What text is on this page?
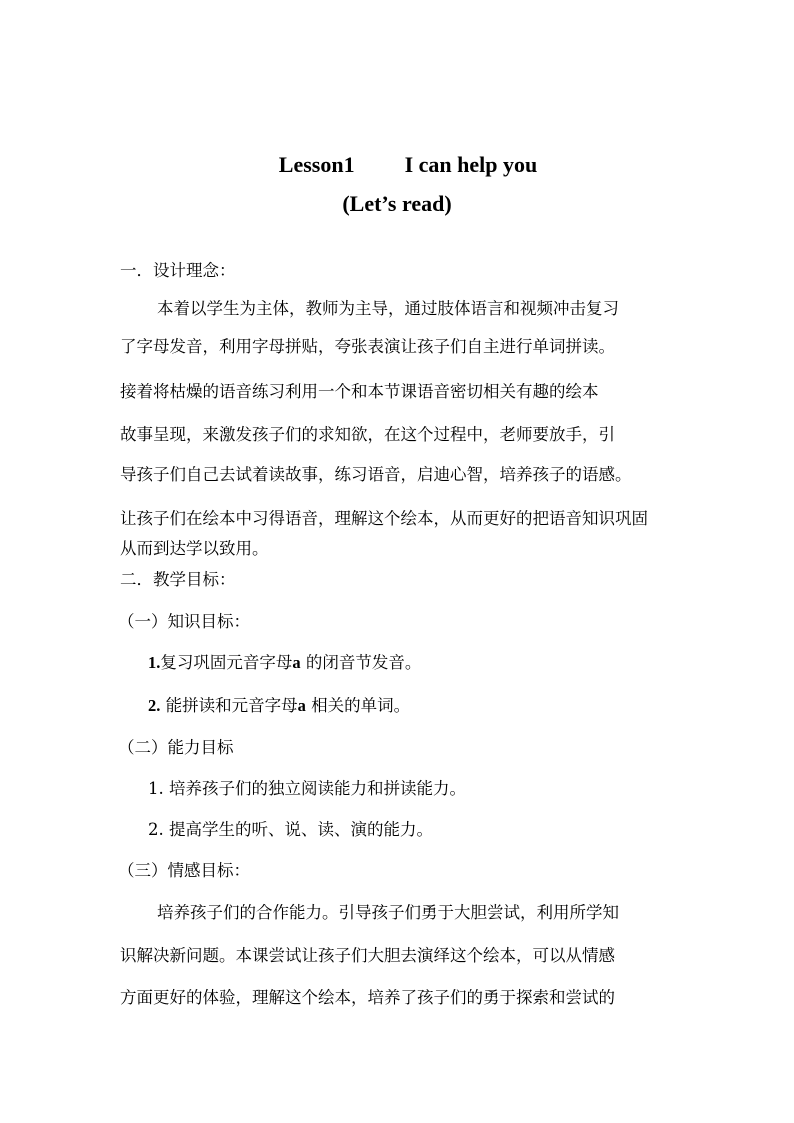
Lesson1 I can help you

(Let’s read)
一．设计理念：
本着以学生为主体，教师为主导，通过肢体语言和视频冲击复习
了字母发音，利用字母拼贴，夸张表演让孩子们自主进行单词拼读。
接着将枯燥的语音练习利用一个和本节课语音密切相关有趣的绘本
故事呈现，来激发孩子们的求知欲，在这个过程中，老师要放手，引
导孩子们自己去试着读故事，练习语音，启迪心智，培养孩子的语感。
让孩子们在绘本中习得语音，理解这个绘本，从而更好的把语音知识巩固
从而到达学以致用。
二．教学目标：
（一）知识目标：
1.复习巩固元音字母a 的闭音节发音。
2. 能拼读和元音字母a 相关的单词。
（二）能力目标
1. 培养孩子们的独立阅读能力和拼读能力。
2. 提高学生的听、说、读、演的能力。
（三）情感目标：
培养孩子们的合作能力。引导孩子们勇于大胆尝试，利用所学知
识解决新问题。本课尝试让孩子们大胆去演绎这个绘本，可以从情感
方面更好的体验，理解这个绘本，培养了孩子们的勇于探索和尝试的
